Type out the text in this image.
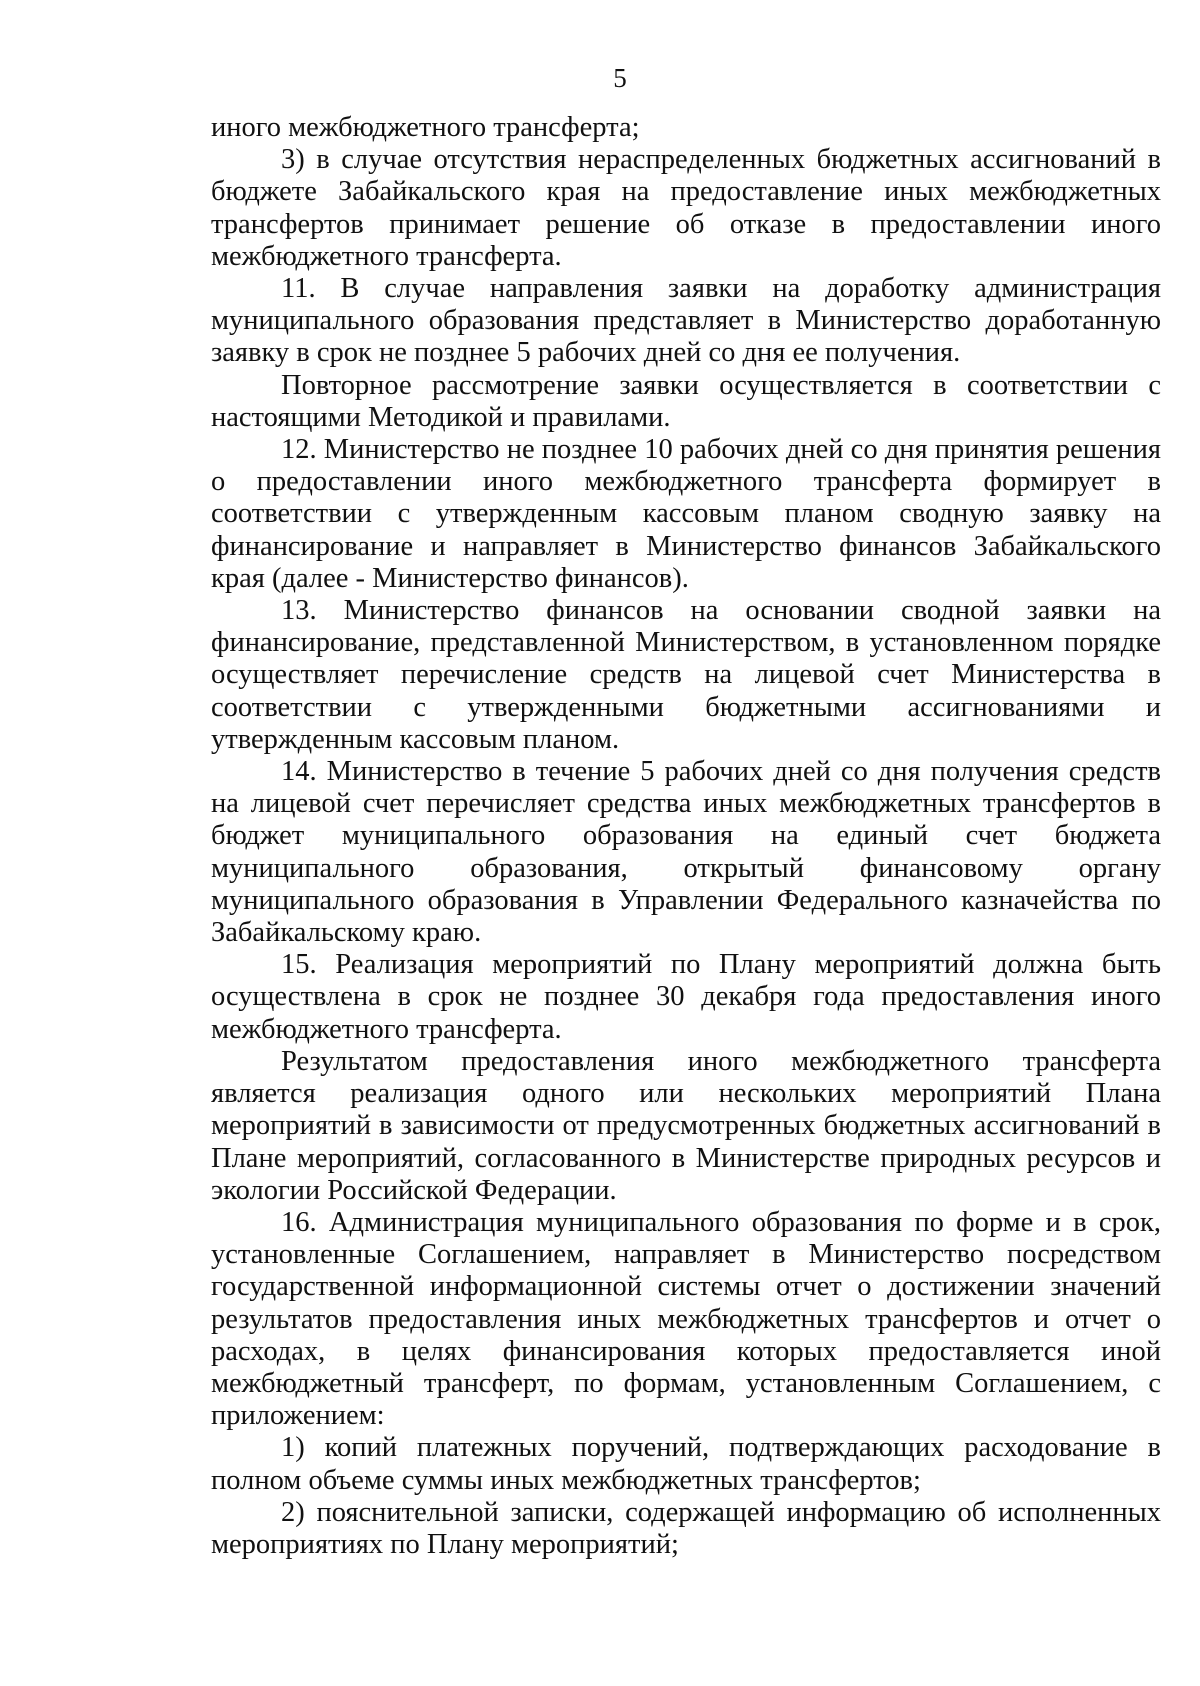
5

иного межбюджетного трансферта;

3) в случае отсутствия нераспределенных бюджетных ассигнований в бюджете Забайкальского края на предоставление иных межбюджетных трансфертов принимает решение об отказе в предоставлении иного межбюджетного трансферта.

11. В случае направления заявки на доработку администрация муниципального образования представляет в Министерство доработанную заявку в срок не позднее 5 рабочих дней со дня ее получения.

Повторное рассмотрение заявки осуществляется в соответствии с настоящими Методикой и правилами.

12. Министерство не позднее 10 рабочих дней со дня принятия решения о предоставлении иного межбюджетного трансферта формирует в соответствии с утвержденным кассовым планом сводную заявку на финансирование и направляет в Министерство финансов Забайкальского края (далее - Министерство финансов).

13. Министерство финансов на основании сводной заявки на финансирование, представленной Министерством, в установленном порядке осуществляет перечисление средств на лицевой счет Министерства в соответствии с утвержденными бюджетными ассигнованиями и утвержденным кассовым планом.

14. Министерство в течение 5 рабочих дней со дня получения средств на лицевой счет перечисляет средства иных межбюджетных трансфертов в бюджет муниципального образования на единый счет бюджета муниципального образования, открытый финансовому органу муниципального образования в Управлении Федерального казначейства по Забайкальскому краю.

15. Реализация мероприятий по Плану мероприятий должна быть осуществлена в срок не позднее 30 декабря года предоставления иного межбюджетного трансферта.

Результатом предоставления иного межбюджетного трансферта является реализация одного или нескольких мероприятий Плана мероприятий в зависимости от предусмотренных бюджетных ассигнований в Плане мероприятий, согласованного в Министерстве природных ресурсов и экологии Российской Федерации.

16. Администрация муниципального образования по форме и в срок, установленные Соглашением, направляет в Министерство посредством государственной информационной системы отчет о достижении значений результатов предоставления иных межбюджетных трансфертов и отчет о расходах, в целях финансирования которых предоставляется иной межбюджетный трансферт, по формам, установленным Соглашением, с приложением:

1) копий платежных поручений, подтверждающих расходование в полном объеме суммы иных межбюджетных трансфертов;

2) пояснительной записки, содержащей информацию об исполненных мероприятиях по Плану мероприятий;
